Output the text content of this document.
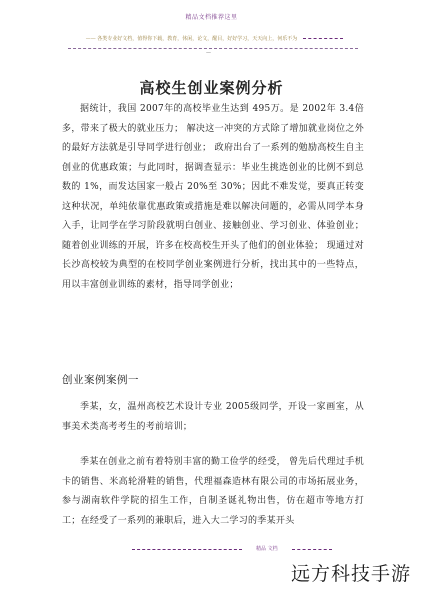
精品文档推荐这里
—— 各类专业好文档，值得你下载，教育，休闲，论文，醒目，好好学习，天天向上，何乐不为
—
高校生创业案例分析
据统计，我国 2007年的高校毕业生达到 495万。是 2002年 3.4倍多，带来了极大的就业压力； 解决这一冲突的方式除了增加就业岗位之外的最好方法就是引导同学进行创业； 政府出台了一系列的勉励高校生自主创业的优惠政策；与此同时，据调查显示：毕业生挑选创业的比例不到总数的 1%，而发达国家一般占 20%至 30%；因此不难发觉，要真正转变这种状况，单纯依靠优惠政策或措施是难以解决问题的，必需从同学本身入手，让同学在学习阶段就明白创业、接触创业、学习创业、体验创业；随着创业训练的开展，许多在校高校生开头了他们的创业体验； 现通过对长沙高校较为典型的在校同学创业案例进行分析，找出其中的一些特点，用以丰富创业训练的素材，指导同学创业；
创业案例案例一
季某，女，温州高校艺术设计专业 2005级同学，开设一家画室，从事美术类高考考生的考前培训；
季某在创业之前有着特别丰富的勤工俭学的经受， 曾先后代理过手机卡的销售、米高轮滑鞋的销售，代理福森造林有限公司的市场拓展业务，参与湖南软件学院的招生工作，自制圣诞礼物出售，仿在超市等地方打工；在经受了一系列的兼职后，进入大二学习的季某开头
精品 文档
远方科技手游
